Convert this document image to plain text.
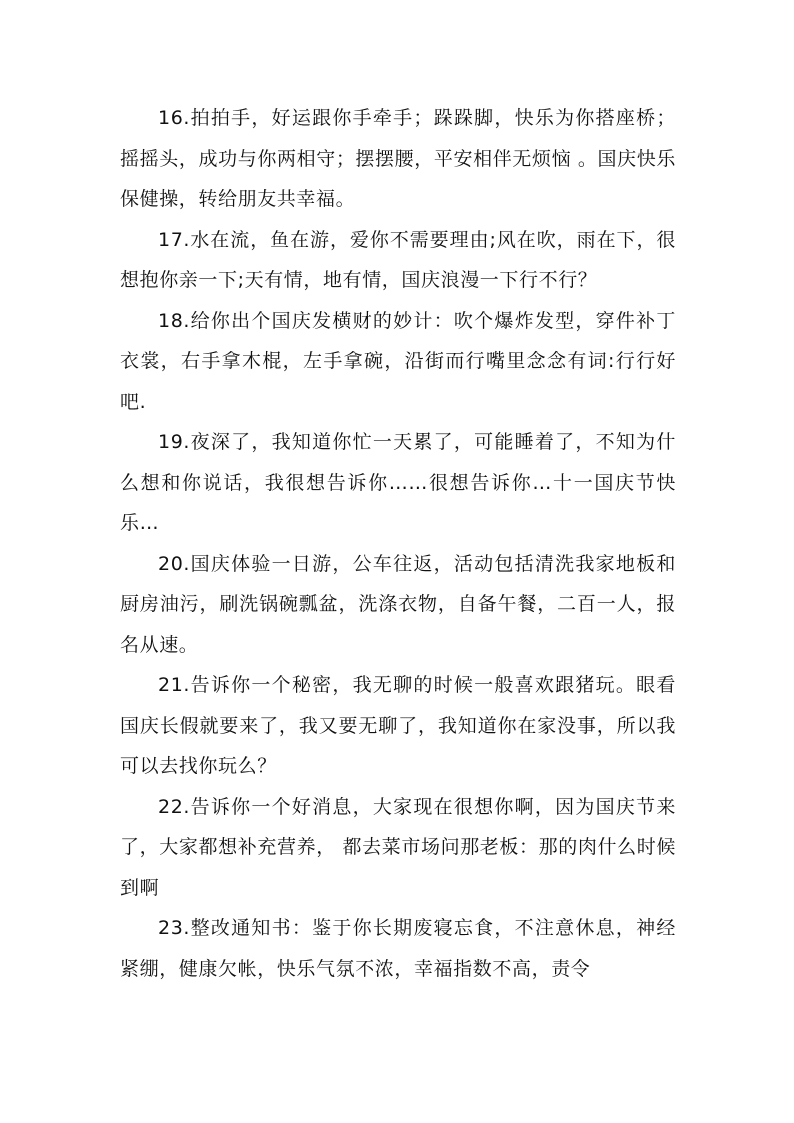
16.拍拍手，好运跟你手牵手；跺跺脚，快乐为你搭座桥；摇摇头，成功与你两相守；摆摆腰，平安相伴无烦恼 。国庆快乐保健操，转给朋友共幸福。

17.水在流，鱼在游，爱你不需要理由;风在吹，雨在下，很想抱你亲一下;天有情，地有情，国庆浪漫一下行不行？

18.给你出个国庆发横财的妙计：吹个爆炸发型，穿件补丁衣裳，右手拿木棍，左手拿碗，沿街而行嘴里念念有词:行行好吧.

19.夜深了，我知道你忙一天累了，可能睡着了，不知为什么想和你说话，我很想告诉你……很想告诉你…十一国庆节快乐…

20.国庆体验一日游，公车往返，活动包括清洗我家地板和厨房油污，刷洗锅碗瓢盆，洗涤衣物，自备午餐，二百一人，报名从速。

21.告诉你一个秘密，我无聊的时候一般喜欢跟猪玩。眼看国庆长假就要来了，我又要无聊了，我知道你在家没事，所以我可以去找你玩么？

22.告诉你一个好消息，大家现在很想你啊，因为国庆节来了，大家都想补充营养， 都去菜市场问那老板：那的肉什么时候到啊

23.整改通知书：鉴于你长期废寝忘食，不注意休息，神经紧绷，健康欠帐，快乐气氛不浓，幸福指数不高，责令
